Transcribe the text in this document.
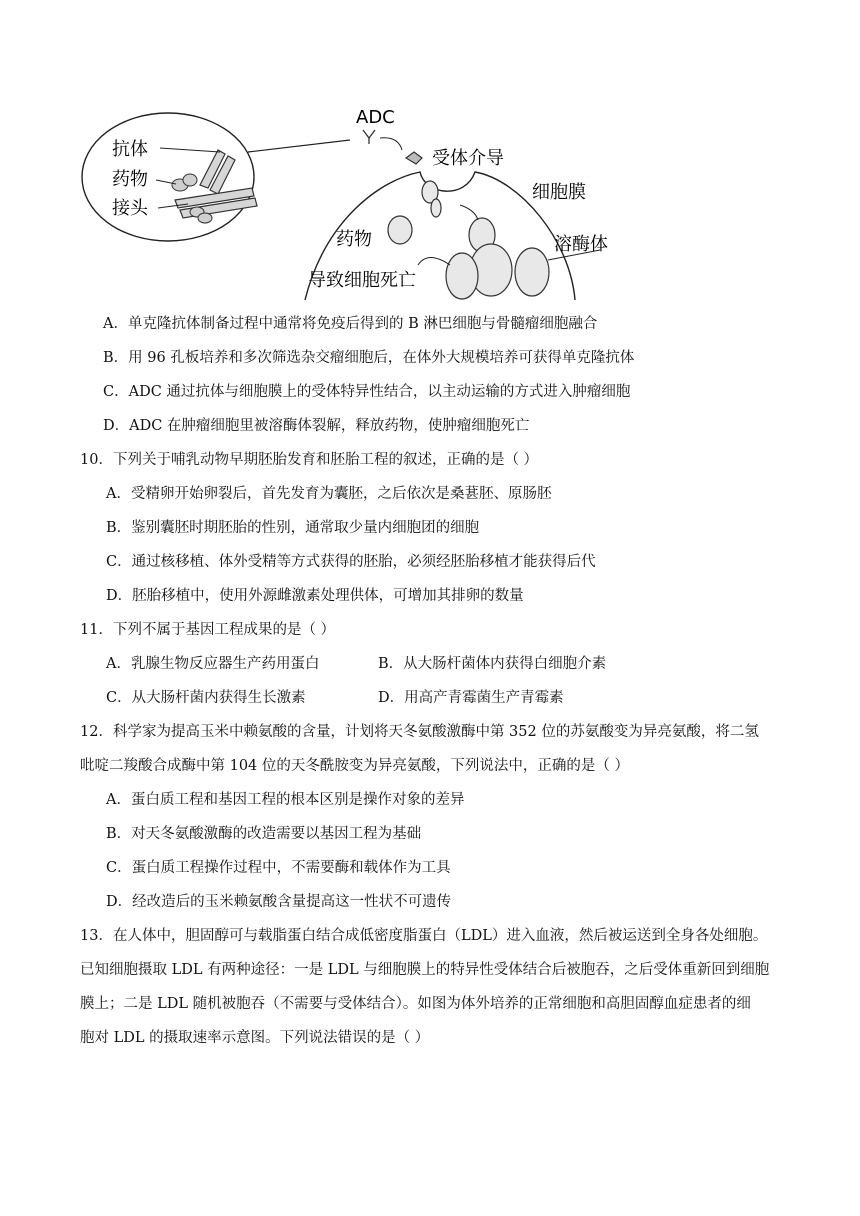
抗体
药物
接头
ADC
受体介导
细胞膜
溶酶体
药物
导致细胞死亡
A．单克隆抗体制备过程中通常将免疫后得到的 B 淋巴细胞与骨髓瘤细胞融合
B．用 96 孔板培养和多次筛选杂交瘤细胞后，在体外大规模培养可获得单克隆抗体
C．ADC 通过抗体与细胞膜上的受体特异性结合，以主动运输的方式进入肿瘤细胞
D．ADC 在肿瘤细胞里被溶酶体裂解，释放药物，使肿瘤细胞死亡
10．下列关于哺乳动物早期胚胎发育和胚胎工程的叙述，正确的是（ ）
A．受精卵开始卵裂后，首先发育为囊胚，之后依次是桑葚胚、原肠胚
B．鉴别囊胚时期胚胎的性别，通常取少量内细胞团的细胞
C．通过核移植、体外受精等方式获得的胚胎，必须经胚胎移植才能获得后代
D．胚胎移植中，使用外源雌激素处理供体，可增加其排卵的数量
11．下列不属于基因工程成果的是（ ）
A．乳腺生物反应器生产药用蛋白	B．从大肠杆菌体内获得白细胞介素
C．从大肠杆菌内获得生长激素	D．用高产青霉菌生产青霉素
12．科学家为提高玉米中赖氨酸的含量，计划将天冬氨酸激酶中第 352 位的苏氨酸变为异亮氨酸，将二氢
吡啶二羧酸合成酶中第 104 位的天冬酰胺变为异亮氨酸，下列说法中，正确的是（ ）
A．蛋白质工程和基因工程的根本区别是操作对象的差异
B．对天冬氨酸激酶的改造需要以基因工程为基础
C．蛋白质工程操作过程中，不需要酶和载体作为工具
D．经改造后的玉米赖氨酸含量提高这一性状不可遗传
13．在人体中，胆固醇可与载脂蛋白结合成低密度脂蛋白（LDL）进入血液，然后被运送到全身各处细胞。
已知细胞摄取 LDL 有两种途径：一是 LDL 与细胞膜上的特异性受体结合后被胞吞，之后受体重新回到细胞
膜上；二是 LDL 随机被胞吞（不需要与受体结合）。如图为体外培养的正常细胞和高胆固醇血症患者的细
胞对 LDL 的摄取速率示意图。下列说法错误的是（ ）
